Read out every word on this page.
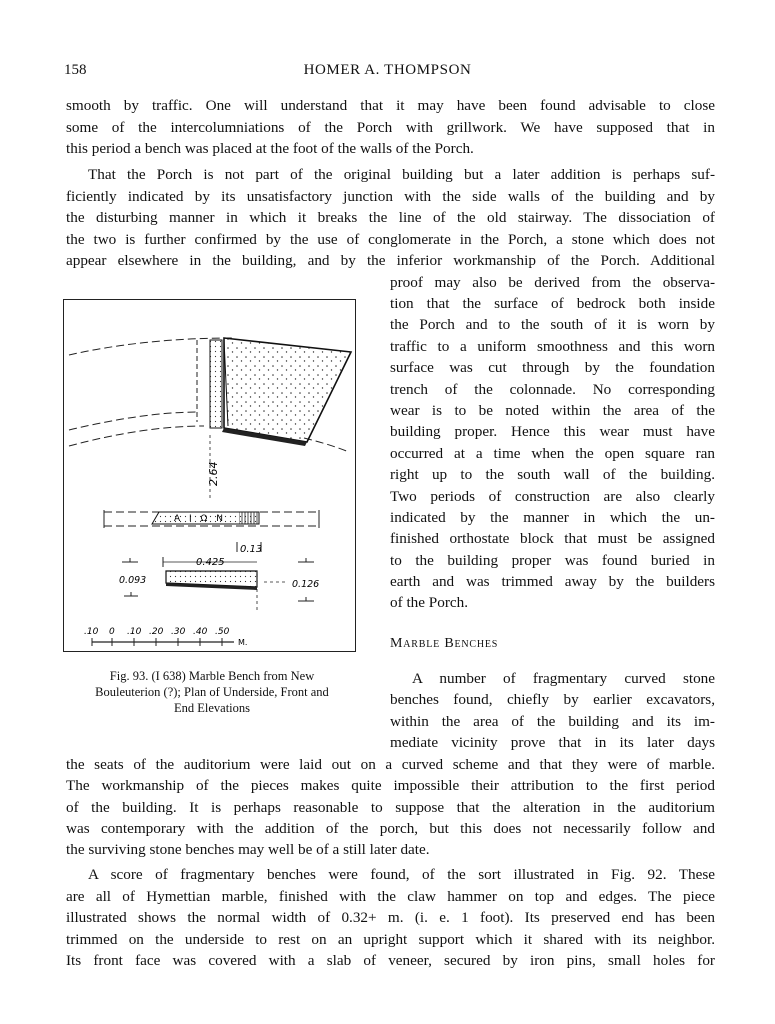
158	HOMER A. THOMPSON
smooth by traffic. One will understand that it may have been found advisable to close
some of the intercolumniations of the Porch with grillwork. We have supposed that in
this period a bench was placed at the foot of the walls of the Porch.
That the Porch is not part of the original building but a later addition is perhaps suf-
ficiently indicated by its unsatisfactory junction with the side walls of the building and by
the disturbing manner in which it breaks the line of the old stairway. The dissociation of
the two is further confirmed by the use of conglomerate in the Porch, a stone which does not
appear elsewhere in the building, and by the inferior workmanship of the Porch. Additional
proof may also be derived from the observa-
tion that the surface of bedrock both inside
the Porch and to the south of it is worn by
traffic to a uniform smoothness and this worn
surface was cut through by the foundation
trench of the colonnade. No corresponding
wear is to be noted within the area of the
building proper. Hence this wear must have
occurred at a time when the open square ran
right up to the south wall of the building.
Two periods of construction are also clearly
indicated by the manner in which the un-
finished orthostate block that must be assigned
to the building proper was found buried in
earth and was trimmed away by the builders
of the Porch.
Marble Benches
A number of fragmentary curved stone
benches found, chiefly by earlier excavators,
within the area of the building and its im-
mediate vicinity prove that in its later days
the seats of the auditorium were laid out on a curved scheme and that they were of marble.
The workmanship of the pieces makes quite impossible their attribution to the first period
of the building. It is perhaps reasonable to suppose that the alteration in the auditorium
was contemporary with the addition of the porch, but this does not necessarily follow and
the surviving stone benches may well be of a still later date.
A score of fragmentary benches were found, of the sort illustrated in Fig. 92. These
are all of Hymettian marble, finished with the claw hammer on top and edges. The piece
illustrated shows the normal width of 0.32+ m. (i. e. 1 foot). Its preserved end has been
trimmed on the underside to rest on an upright support which it shared with its neighbor.
Its front face was covered with a slab of veneer, secured by iron pins, small holes for
2.64
A I Ω N
0.13
0.425
0.093	0.126
.10 0 .10 .20 .30 .40 .50
M.
Fig. 93. (I 638) Marble Bench from New
Bouleuterion (?); Plan of Underside, Front and
End Elevations
